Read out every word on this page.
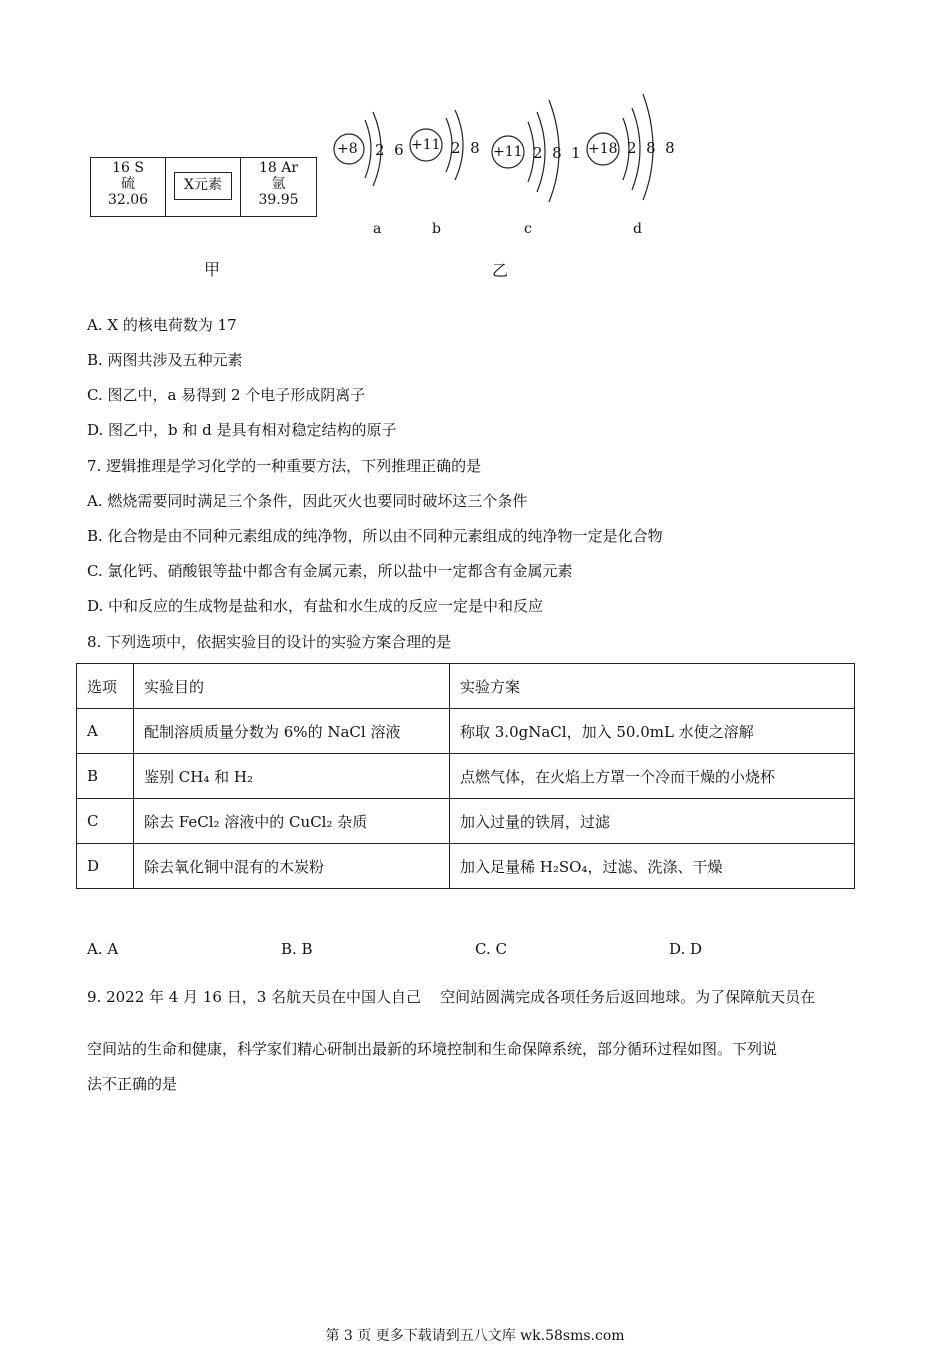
16 S
硫
32.06
X元素
18 Ar
氩
39.95
甲
+8 2  6 +11 2  8 +11 2  8  1 +18 2  8  8
a	b	c	d
乙
A. X 的核电荷数为 17
B. 两图共涉及五种元素
C. 图乙中，a 易得到 2 个电子形成阴离子
D. 图乙中，b 和 d 是具有相对稳定结构的原子
7. 逻辑推理是学习化学的一种重要方法，下列推理正确的是
A. 燃烧需要同时满足三个条件，因此灭火也要同时破坏这三个条件
B. 化合物是由不同种元素组成的纯净物，所以由不同种元素组成的纯净物一定是化合物
C. 氯化钙、硝酸银等盐中都含有金属元素，所以盐中一定都含有金属元素
D. 中和反应的生成物是盐和水，有盐和水生成的反应一定是中和反应
8. 下列选项中，依据实验目的设计的实验方案合理的是
选项	实验目的	实验方案
A	配制溶质质量分数为 6%的 NaCl 溶液	称取 3.0gNaCl，加入 50.0mL 水使之溶解
B	鉴别 CH₄ 和 H₂	点燃气体，在火焰上方罩一个冷而干燥的小烧杯
C	除去 FeCl₂ 溶液中的 CuCl₂ 杂质	加入过量的铁屑，过滤
D	除去氧化铜中混有的木炭粉	加入足量稀 H₂SO₄，过滤、洗涤、干燥
A. A	B. B	C. C	D. D
9. 2022 年 4 月 16 日，3 名航天员在中国人自己    空间站圆满完成各项任务后返回地球。为了保障航天员在
空间站的生命和健康，科学家们精心研制出最新的环境控制和生命保障系统，部分循环过程如图。下列说
法不正确的是
第 3 页 更多下载请到五八文库 wk.58sms.com
